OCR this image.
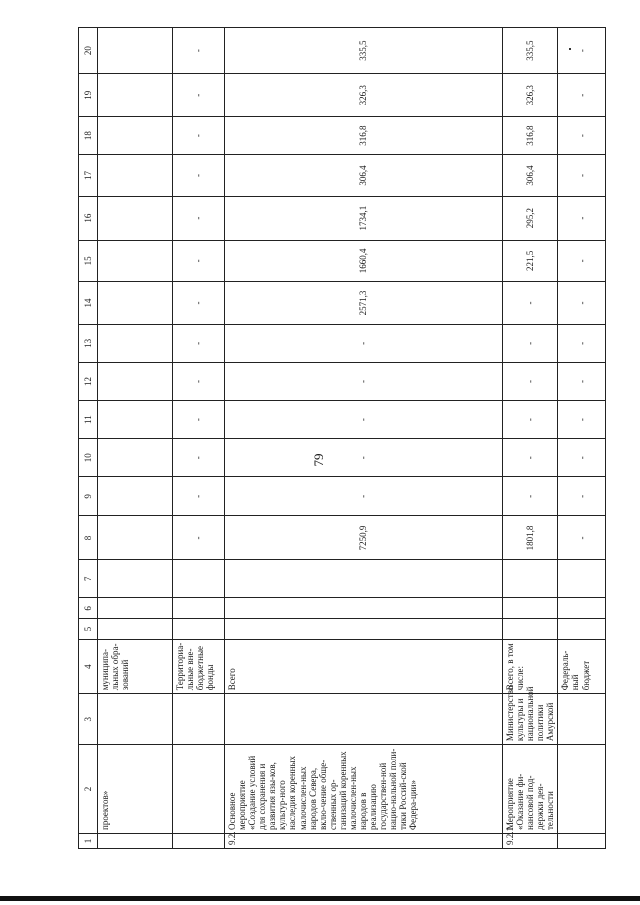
79
1	2	3	4	5	6	7	8	9	10	11	12	13	14	15	16	17	18	19	20
	проектов»		муниципа-льных обра-зований																
			Территориа-льные вне-бюджетные фонды				-	-	-	-	-	-	-	-	-	-	-	-	-
9.2.	Основное мероприятие «Создание условий для сохранения и развития язы-ков, культур-ного наследия коренных малочислен-ных народов Севера, вклю-чение обще-ственных ор-ганизаций коренных малочислен-ных народов в реализацию государствен-ной нацио-нальной поли-тики Россий-ской Федера-ции»		Всего				7250,9	-	-	-	-	-	2571,3	1660,4	1734,1	306,4	316,8	326,3	335,5
9.2.1.	Мероприятие «Оказание фи-нансовой под-держки дея-тельности	Министерство культуры и национальной политики Амурской	Всего, в том числе:				1801,8	-	-	-	-	-	-	221,5	295,2	306,4	316,8	326,3	335,5
			Федераль-ный бюджет				-	-	-	-	-	-	-	-	-	-	-	-	-
